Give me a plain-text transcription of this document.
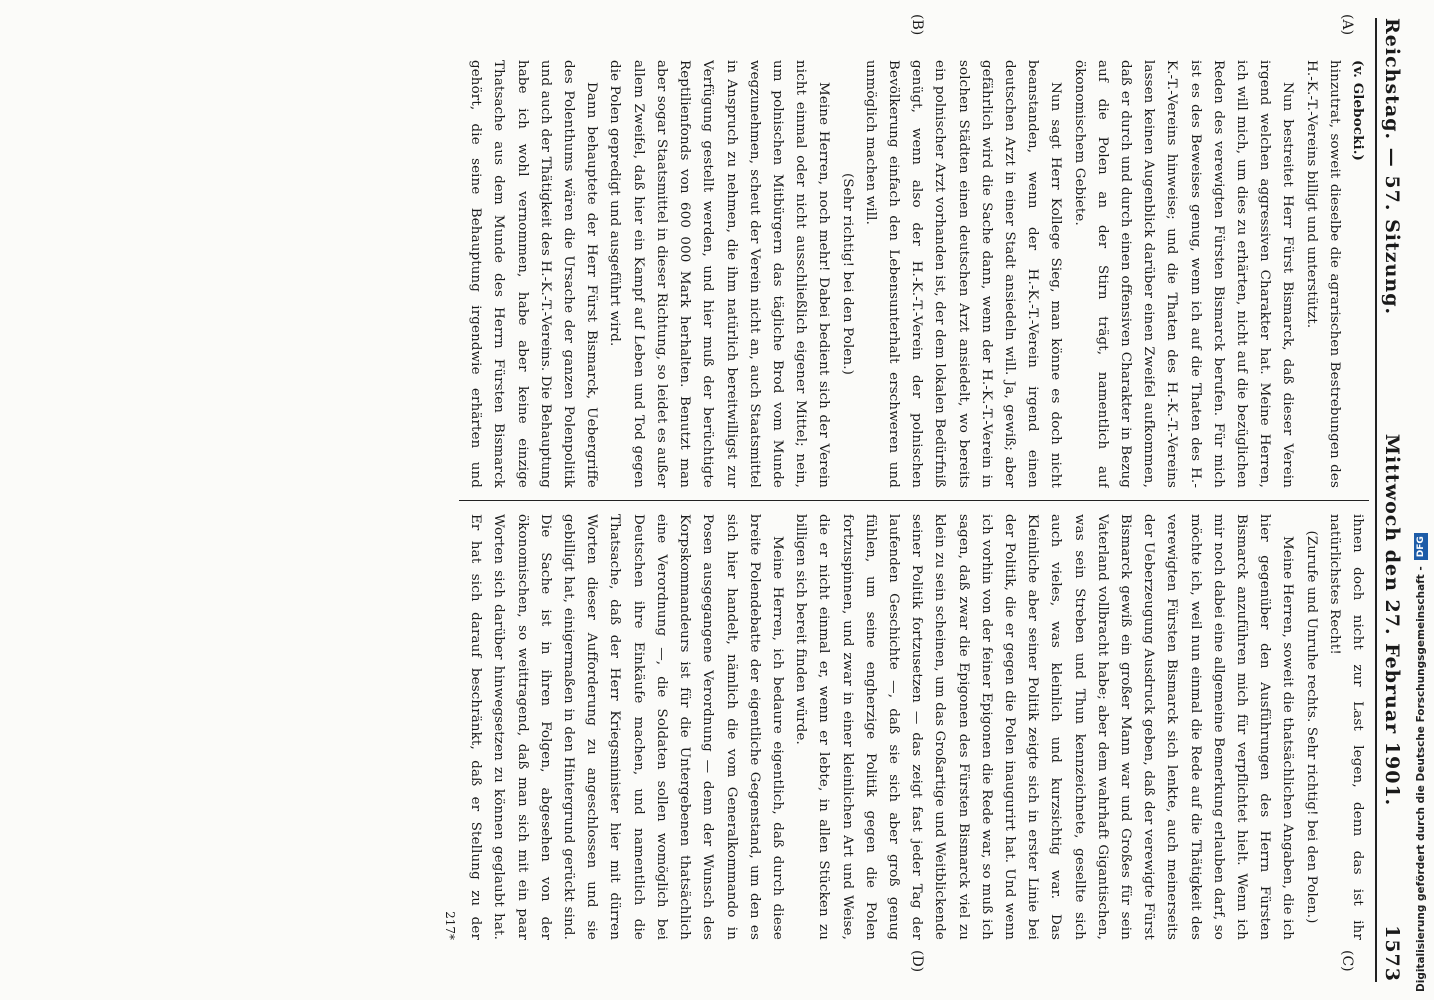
Reichstag. — 57. Sitzung.
Mittwoch den 27. Februar 1901.
1573
(A)
(B)
(C)
(D)

(v. Glebocki.)

hinzutrat, soweit dieselbe die agrarischen Bestrebungen des H.-K.-T.-Vereins billigt und unterstützt.

Nun bestreitet Herr Fürst Bismarck, daß dieser Verein irgend welchen aggressiven Charakter hat. Meine Herren, ich will mich, um dies zu erhärten, nicht auf die bezüglichen Reden des verewigten Fürsten Bismarck berufen. Für mich ist es des Beweises genug, wenn ich auf die Thaten des H.-K.-T.-Vereins hinweise; und die Thaten des H.-K.-T.-Vereins lassen keinen Augenblick darüber einen Zweifel aufkommen, daß er durch und durch einen offensiven Charakter in Bezug auf die Polen an der Stirn trägt, namentlich auf ökonomischem Gebiete.

Nun sagt Herr Kollege Sieg, man könne es doch nicht beanstanden, wenn der H.-K.-T.-Verein irgend einen deutschen Arzt in einer Stadt ansiedeln will. Ja, gewiß; aber gefährlich wird die Sache dann, wenn der H.-K.-T.-Verein in solchen Städten einen deutschen Arzt ansiedelt, wo bereits ein polnischer Arzt vorhanden ist, der dem lokalen Bedürfniß genügt, wenn also der H.-K.-T.-Verein der polnischen Bevölkerung einfach den Lebensunterhalt erschweren und unmöglich machen will.

(Sehr richtig! bei den Polen.)

Meine Herren, noch mehr! Dabei bedient sich der Verein nicht einmal oder nicht ausschließlich eigener Mittel; nein, um polnischen Mitbürgern das tägliche Brod vom Munde wegzunehmen, scheut der Verein nicht an, auch Staatsmittel in Anspruch zu nehmen, die ihm natürlich bereitwilligst zur Verfügung gestellt werden, und hier muß der berüchtigte Reptilienfonds von 600 000 Mark herhalten. Benutzt man aber sogar Staatsmittel in dieser Richtung, so leidet es außer allem Zweifel, daß hier ein Kampf auf Leben und Tod gegen die Polen gepredigt und ausgeführt wird.

Dann behauptete der Herr Fürst Bismarck, Uebergriffe des Polenthums wären die Ursache der ganzen Polenpolitik und auch der Thätigkeit des H.-K.-T.-Vereins. Die Behauptung habe ich wohl vernommen, habe aber keine einzige Thatsache aus dem Munde des Herrn Fürsten Bismarck gehört, die seine Behauptung irgendwie erhärten und

ihnen doch nicht zur Last legen, denn das ist ihr natürlichstes Recht!

(Zurufe und Unruhe rechts. Sehr richtig! bei den Polen.)

Meine Herren, soweit die thatsächlichen Angaben, die ich hier gegenüber den Ausführungen des Herrn Fürsten Bismarck anzuführen mich für verpflichtet hielt. Wenn ich mir noch dabei eine allgemeine Bemerkung erlauben darf, so möchte ich, weil nun einmal die Rede auf die Thätigkeit des verewigten Fürsten Bismarck sich lenkte, auch meinerseits der Ueberzeugung Ausdruck geben, daß der verewigte Fürst Bismarck gewiß ein großer Mann war und Großes für sein Vaterland vollbracht habe; aber dem wahrhaft Gigantischen, was sein Streben und Thun kennzeichnete, gesellte sich auch vieles, was kleinlich und kurzsichtig war. Das Kleinliche aber seiner Politik zeigte sich in erster Linie bei der Politik, die er gegen die Polen inaugurirt hat. Und wenn ich vorhin von der feiner Epigonen die Rede war, so muß ich sagen, daß zwar die Epigonen des Fürsten Bismarck viel zu klein zu sein scheinen, um das Großartige und Weitblickende seiner Politik fortzusetzen — das zeigt fast jeder Tag der laufenden Geschichte —, daß sie sich aber groß genug fühlen, um seine engherzige Politik gegen die Polen fortzuspinnen, und zwar in einer kleinlichen Art und Weise, die er nicht einmal er, wenn er lebte, in allen Stücken zu billigen sich bereit finden würde.

Meine Herren, ich bedaure eigentlich, daß durch diese breite Polendebatte der eigentliche Gegenstand, um den es sich hier handelt, nämlich die vom Generalkommando in Posen ausgegangene Verordnung — denn der Wunsch des Korpskommandeurs ist für die Untergebenen thatsächlich eine Verordnung —, die Soldaten sollen womöglich bei Deutschen ihre Einkäufe machen, und namentlich die Thatsache, daß der Herr Kriegsminister hier mit dürren Worten dieser Aufforderung zu angeschlossen und sie gebilligt hat, einigermaßen in den Hintergrund gerückt sind. Die Sache ist in ihren Folgen, abgesehen von der ökonomischen, so weittragend, daß man sich mit ein paar Worten sich darüber hinwegsetzen zu können geglaubt hat. Er hat sich darauf beschränkt, daß er Stellung zu der

217*	Digitalisierung gefördert durch die Deutsche Forschungsgemeinschaft -
DFG
